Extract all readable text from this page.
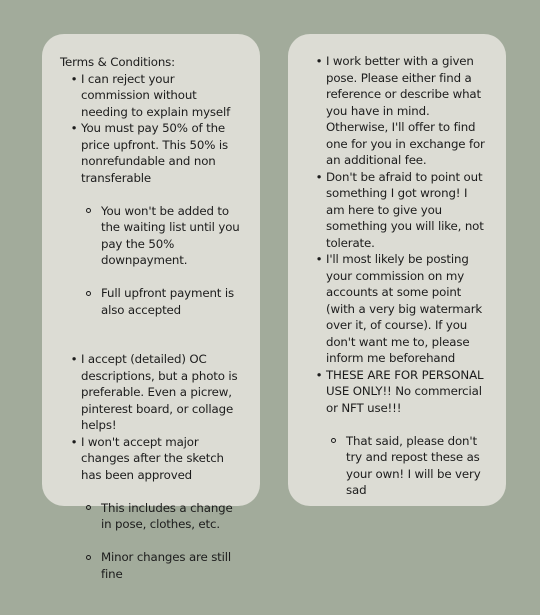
Terms & Conditions:
• I can reject your
commission without
needing to explain myself
• You must pay 50% of the
price upfront. This 50% is
nonrefundable and non
transferable

You won't be added to
the waiting list until you
pay the 50%
downpayment.

Full upfront payment is
also accepted

• I accept (detailed) OC
descriptions, but a photo is
preferable. Even a picrew,
pinterest board, or collage
helps!
• I won't accept major
changes after the sketch
has been approved

This includes a change
in pose, clothes, etc.

Minor changes are still
fine

• I work better with a given
pose. Please either find a
reference or describe what
you have in mind.
Otherwise, I'll offer to find
one for you in exchange for
an additional fee.
• Don't be afraid to point out
something I got wrong! I
am here to give you
something you will like, not
tolerate.
• I'll most likely be posting
your commission on my
accounts at some point
(with a very big watermark
over it, of course). If you
don't want me to, please
inform me beforehand
• THESE ARE FOR PERSONAL
USE ONLY!! No commercial
or NFT use!!!

That said, please don't
try and repost these as
your own! I will be very
sad
